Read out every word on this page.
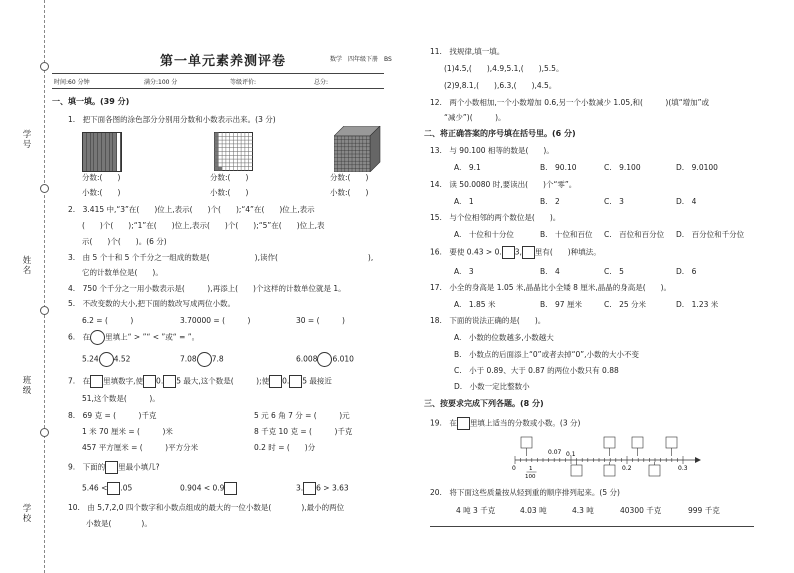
学号
姓名
班级
学校
第一单元素养测评卷	数学　四年级下册　BS
时间:60 分钟	满分:100 分	等级评价:	总分:
一、填一填。(39 分)
1.　把下面各图的涂色部分分别用分数和小数表示出来。(3 分)
分数:(　　)
小数:(　　)
分数:(　　)
小数:(　　)
分数:(　　)
小数:(　　)
2.　3.415 中,“3”在(　　)位上,表示(　　)个(　　);“4”在(　　)位上,表示
(　　)个(　　);“1”在(　　)位上,表示(　　)个(　　);“5”在(　　)位上,表
示(　　)个(　　)。(6 分)
3.　由 5 个十和 5 个千分之一组成的数是(　　　　　　),读作(　　　　　　　　　　　　),
它的计数单位是(　　)。
4.　750 个千分之一用小数表示是(　　　),再添上(　　)个这样的计数单位就是 1。
5.　不改变数的大小,把下面的数改写成两位小数。
6.2 = (　　　)	3.70000 = (　　　)	30 = (　　　)
6.　在 里填上“ > ”“ < ”或“ = ”。
5.24 4.52	7.08 7.8	6.008 6.010
7.　在 里填数字,使 0. 5 最大,这个数是(　　　);使 0. 5 最接近
51,这个数是(　　　)。
8.　69 克 = (　　　)千克	5 元 6 角 7 分 = (　　　)元
1 米 70 厘米 = (　　　)米	8 千克 10 克 = (　　　)千克
457 平方厘米 = (　　　)平方分米	0.2 时 = (　　)分
9.　下面的 里最小填几?
5.46 < .05	0.904 < 0.9	3. 6 > 3.63
10.　由 5,7,2,0 四个数字和小数点组成的最大的一位小数是(　　　　),最小的两位
小数是(　　　　)。
11.　找规律,填一填。
(1)4.5,(　　),4.9,5.1,(　　),5.5。
(2)9,8.1,(　　),6.3,(　　),4.5。
12.　两个小数相加,一个小数增加 0.6,另一个小数减少 1.05,和(　　　)(填“增加”或
“减少”)(　　　)。
二、将正确答案的序号填在括号里。(6 分)
13.　与 90.100 相等的数是(　　)。
A.　9.1	B.　90.10	C.　9.100	D.　9.0100
14.　读 50.0080 时,要读出(　　)个“零”。
A.　1	B.　2	C.　3	D.　4
15.　与个位相邻的两个数位是(　　)。
A.　十位和十分位	B.　十位和百位 C.　百位和百分位 D.　百分位和千分位
16.　要使 0.43 > 0. 3, 里有(　　)种填法。
A.　3	B.　4	C.　5	D.　6
17.　小全的身高是 1.05 米,晶晶比小全矮 8 厘米,晶晶的身高是(　　)。
A.　1.85 米	B.　97 厘米	C.　25 分米	D.　1.23 米
18.　下面的说法正确的是(　　)。
A.　小数的位数越多,小数越大
B.　小数点的后面添上“0”或者去掉“0”,小数的大小不变
C.　小于 0.89、大于 0.87 的两位小数只有 0.88
D.　小数一定比整数小
三、按要求完成下列各题。(8 分)
19.　在 里填上适当的分数或小数。(3 分)
0
0.07
1
100
0.1
0.2	0.3
20.　将下面这些质量按从轻到重的顺序排列起来。(5 分)
4 吨 3 千克	4.03 吨	4.3 吨	40300 千克	999 千克
